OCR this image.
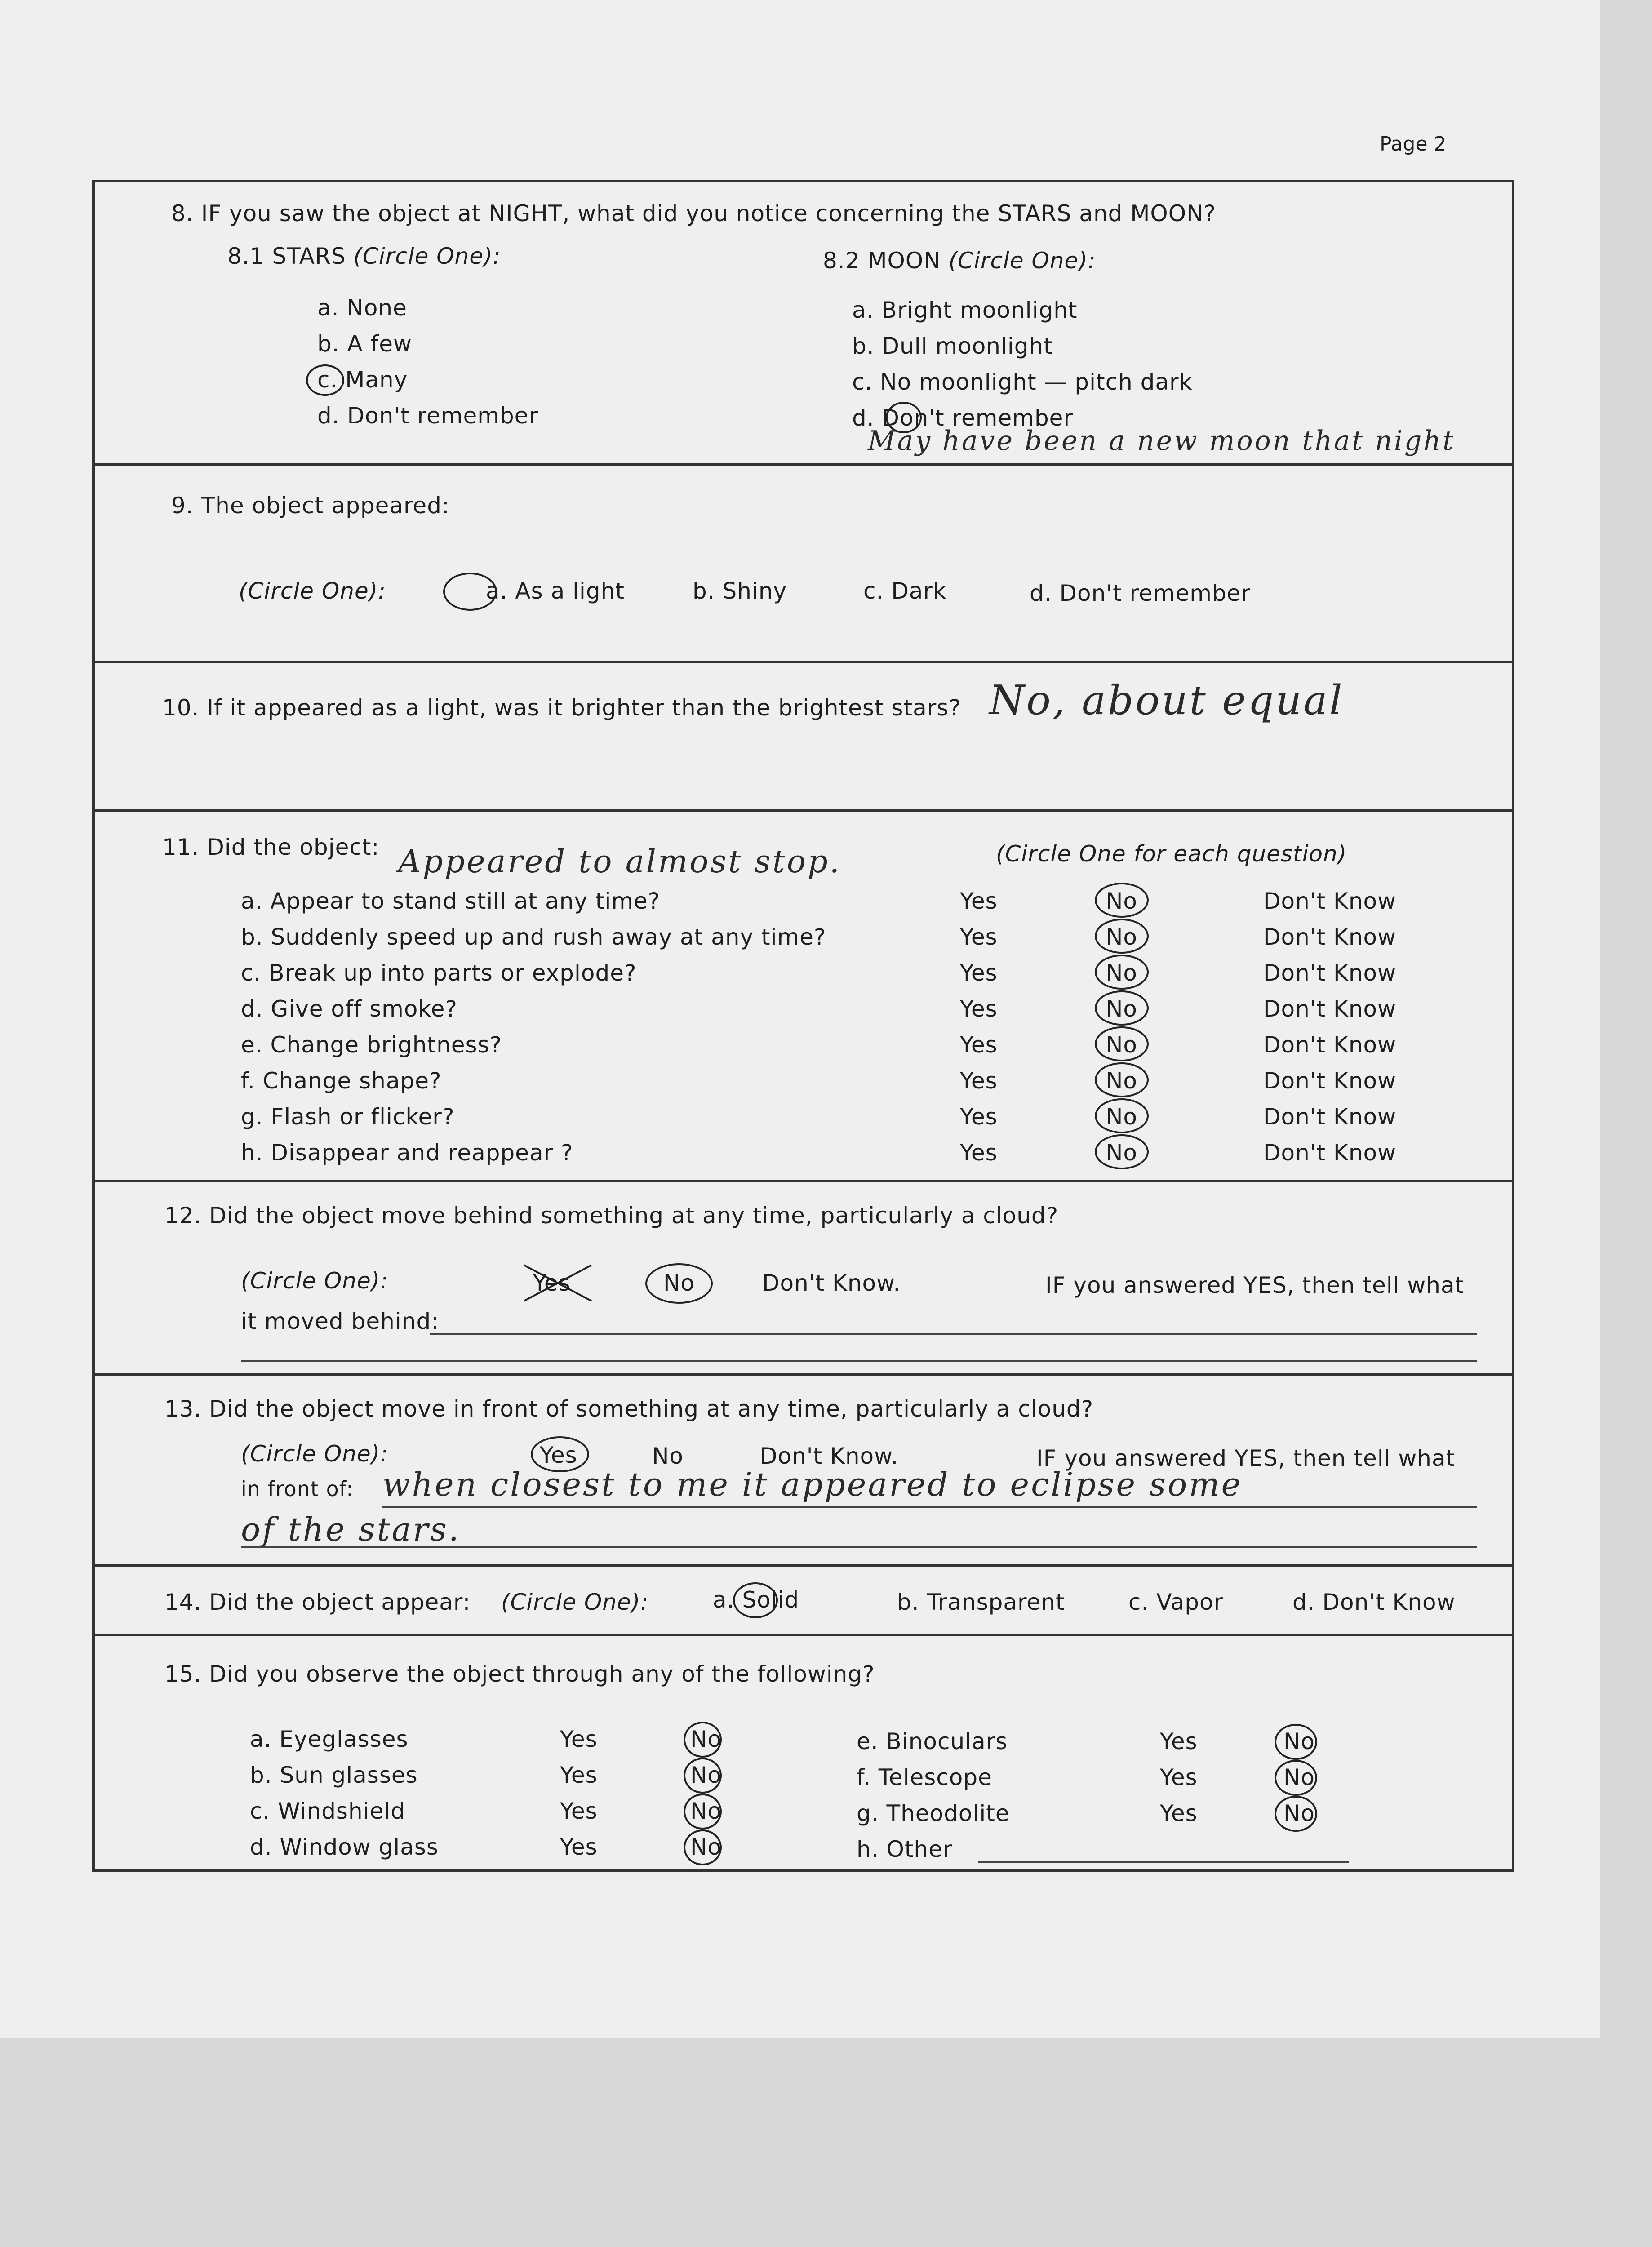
Page 2
8. IF you saw the object at NIGHT, what did you notice concerning the STARS and MOON?
8.1 STARS (Circle One):	8.2 MOON (Circle One):
a. None
b. A few
c. Many
d. Don't remember
a. Bright moonlight
b. Dull moonlight
c. No moonlight — pitch dark
d. Don't remember
May have been a new moon that night
9. The object appeared:
(Circle One):	a. As a light	b. Shiny	c. Dark	d. Don't remember
10. If it appeared as a light, was it brighter than the brightest stars? No, about equal
11. Did the object: Appeared to almost stop.	(Circle One for each question)
a. Appear to stand still at any time?	Yes	No	Don't Know
b. Suddenly speed up and rush away at any time?	Yes	No	Don't Know
c. Break up into parts or explode?	Yes	No	Don't Know
d. Give off smoke?	Yes	No	Don't Know
e. Change brightness?	Yes	No	Don't Know
f. Change shape?	Yes	No	Don't Know
g. Flash or flicker?	Yes	No	Don't Know
h. Disappear and reappear ?	Yes	No	Don't Know
12. Did the object move behind something at any time, particularly a cloud?
(Circle One):	Yes	No	Don't Know.	IF you answered YES, then tell what
it moved behind:
13. Did the object move in front of something at any time, particularly a cloud?
(Circle One):	Yes	No	Don't Know.	IF you answered YES, then tell what
in front of: when closest to me it appeared to eclipse some
of the stars.
14. Did the object appear: (Circle One):	a. Solid	b. Transparent	c. Vapor	d. Don't Know
15. Did you observe the object through any of the following?
a. Eyeglasses	Yes	No
b. Sun glasses	Yes	No
c. Windshield	Yes	No
d. Window glass	Yes	No
e. Binoculars	Yes	No
f. Telescope	Yes	No
g. Theodolite	Yes	No
h. Other
